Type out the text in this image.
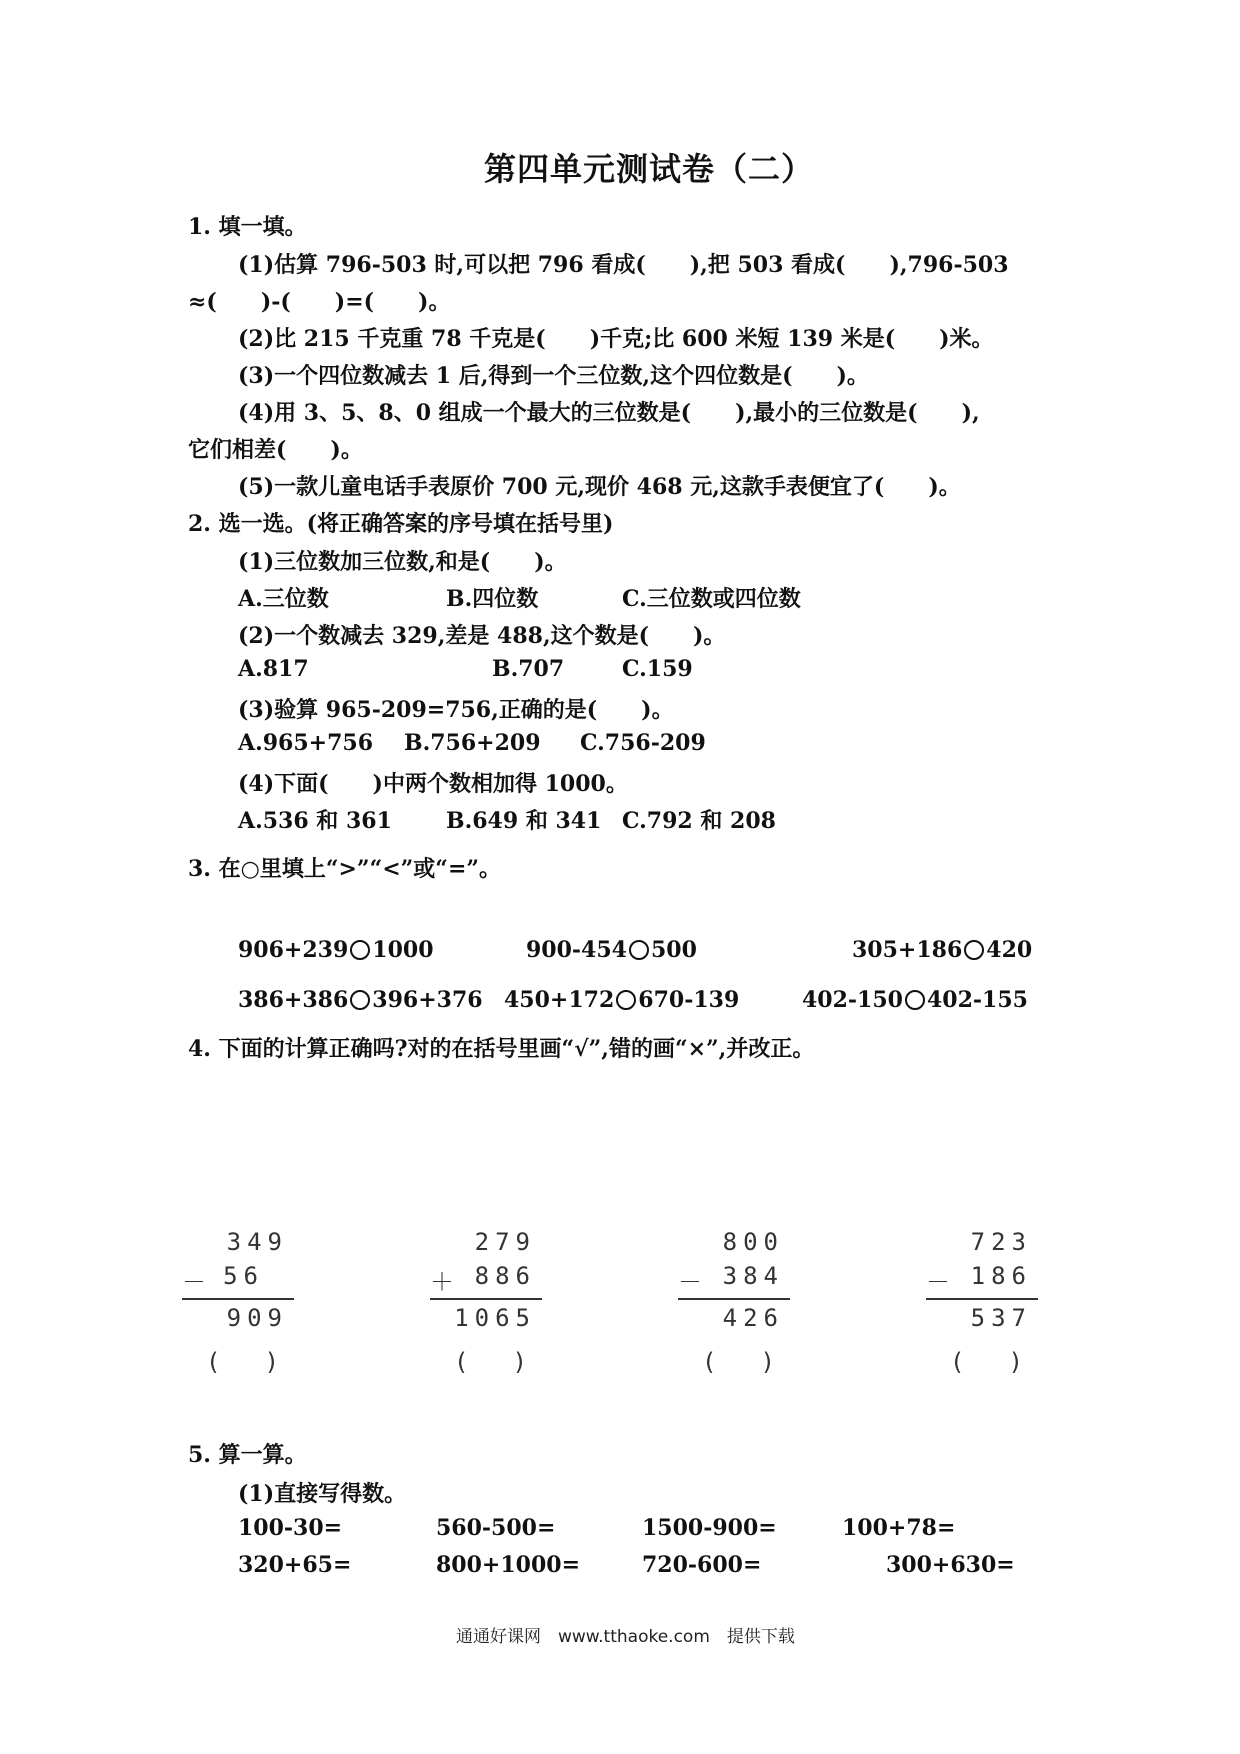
第四单元测试卷（二）
1. 填一填。
(1)估算 796-503 时,可以把 796 看成(　　),把 503 看成(　　),796-503
≈(　　)-(　　)=(　　)。
(2)比 215 千克重 78 千克是(　　)千克;比 600 米短 139 米是(　　)米。
(3)一个四位数减去 1 后,得到一个三位数,这个四位数是(　　)。
(4)用 3、5、8、0 组成一个最大的三位数是(　　),最小的三位数是(　　),
它们相差(　　)。
(5)一款儿童电话手表原价 700 元,现价 468 元,这款手表便宜了(　　)。
2. 选一选。(将正确答案的序号填在括号里)
(1)三位数加三位数,和是(　　)。
A.三位数	B.四位数	C.三位数或四位数
(2)一个数减去 329,差是 488,这个数是(　　)。
A.817	B.707	C.159
(3)验算 965-209=756,正确的是(　　)。
A.965+756 B.756+209 C.756-209
(4)下面(　　)中两个数相加得 1000。
A.536 和 361 B.649 和 341 C.792 和 208
3. 在○里填上“>”“<”或“=”。
906+239 1000	900-454 500	305+186 420
386+386 396+376 450+172 670-139	402-150 402-155
4. 下面的计算正确吗?对的在括号里画“√”,错的画“×”,并改正。
349
－ 56
909
()
279
＋ 886
1065
()
800
－ 384
426
()
723
－ 186
537
()
5. 算一算。
(1)直接写得数。
100-30=	560-500=	1500-900=	100+78=
320+65=	800+1000=	720-600=	300+630=
通通好课网　www.tthaoke.com　提供下载
